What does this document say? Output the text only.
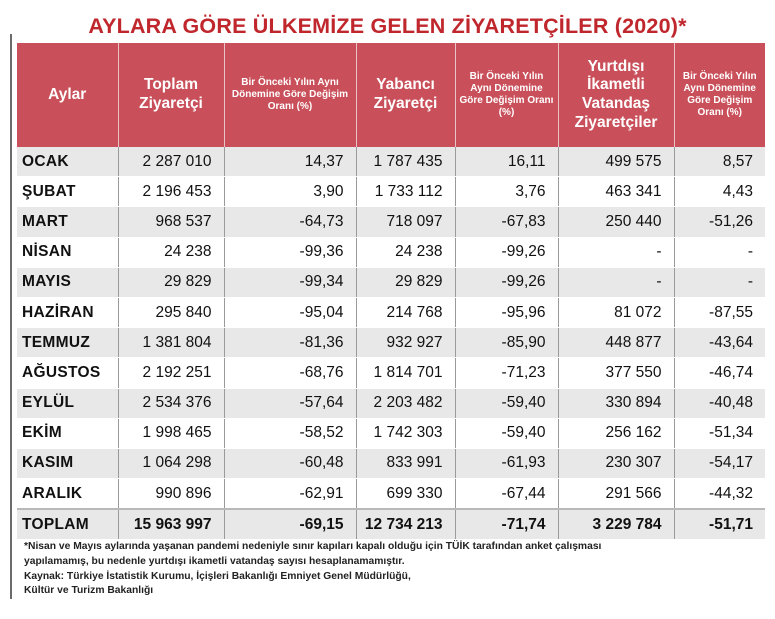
AYLARA GÖRE ÜLKEMİZE GELEN ZİYARETÇİLER (2020)*
Aylar	Toplam Ziyaretçi	Bir Önceki Yılın Aynı Dönemine Göre Değişim Oranı (%)	Yabancı Ziyaretçi	Bir Önceki Yılın Aynı Dönemine Göre Değişim Oranı (%)	Yurtdışı İkametli Vatandaş Ziyaretçiler	Bir Önceki Yılın Aynı Dönemine Göre Değişim Oranı (%)
OCAK	2 287 010	14,37	1 787 435	16,11	499 575	8,57
ŞUBAT	2 196 453	3,90	1 733 112	3,76	463 341	4,43
MART	968 537	-64,73	718 097	-67,83	250 440	-51,26
NİSAN	24 238	-99,36	24 238	-99,26	-	-
MAYIS	29 829	-99,34	29 829	-99,26	-	-
HAZİRAN	295 840	-95,04	214 768	-95,96	81 072	-87,55
TEMMUZ	1 381 804	-81,36	932 927	-85,90	448 877	-43,64
AĞUSTOS	2 192 251	-68,76	1 814 701	-71,23	377 550	-46,74
EYLÜL	2 534 376	-57,64	2 203 482	-59,40	330 894	-40,48
EKİM	1 998 465	-58,52	1 742 303	-59,40	256 162	-51,34
KASIM	1 064 298	-60,48	833 991	-61,93	230 307	-54,17
ARALIK	990 896	-62,91	699 330	-67,44	291 566	-44,32
TOPLAM	15 963 997	-69,15	12 734 213	-71,74	3 229 784	-51,71
*Nisan ve Mayıs aylarında yaşanan pandemi nedeniyle sınır kapıları kapalı olduğu için TÜİK tarafından anket çalışması
yapılamamış, bu nedenle yurtdışı ikametli vatandaş sayısı hesaplanamamıştır.
Kaynak: Türkiye İstatistik Kurumu, İçişleri Bakanlığı Emniyet Genel Müdürlüğü,
Kültür ve Turizm Bakanlığı
